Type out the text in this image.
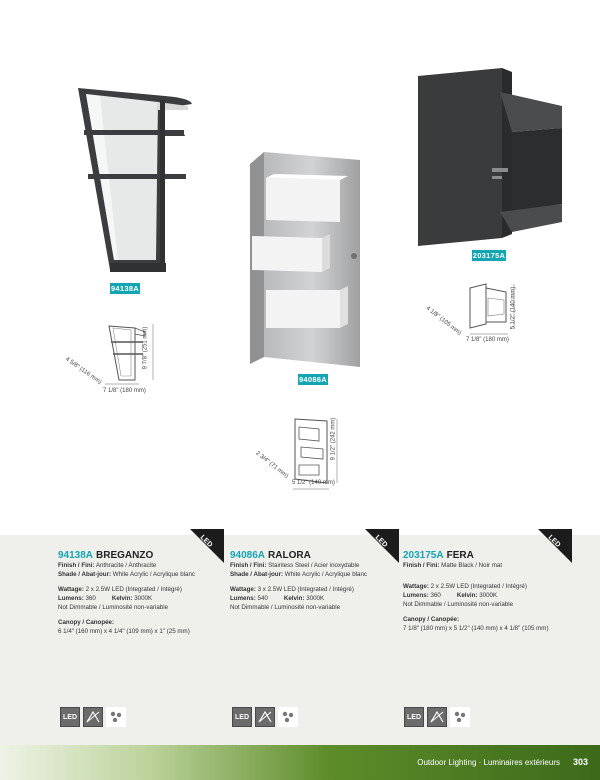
94138A
9 7/8" (251 mm)
7 1/8" (180 mm)
4 5/8" (116 mm)	94086A
9 1/2" (242 mm)
5 1/2" (140 mm)
2 3/4" (71 mm)
203175A
5 1/2" (140 mm)
7 1/8" (180 mm)
4 1/8" (105 mm)
LED	LED	LED
94138A BREGANZO
Finish / Fini: Anthracite / Anthracite
Shade / Abat-jour: White Acrylic / Acrylique blanc
Wattage: 2 x 2.5W LED (Integrated / Intégré)
Lumens: 360	Kelvin: 3000K
Not Dimmable / Luminosité non-variable
Canopy / Canopée:
6 1/4" (160 mm) x 4 1/4" (109 mm) x 1" (25 mm)
94086A RALORA
Finish / Fini: Stainless Steel / Acier inoxydable
Shade / Abat-jour: White Acrylic / Acrylique blanc
Wattage: 3 x 2.5W LED (Integrated / Intégré)
Lumens: 540	Kelvin: 3000K
Not Dimmable / Luminosité non-variable
203175A FERA
Finish / Fini: Matte Black / Noir mat
Wattage: 2 x 2.5W LED (Integrated / Intégré)
Lumens: 360	Kelvin: 3000K
Not Dimmable / Luminosité non-variable
Canopy / Canopée:
7 1/8" (180 mm) x 5 1/2" (140 mm) x 4 1/8" (105 mm)
LED	LED	LED
Outdoor Lighting · Luminaires extérieurs 303
